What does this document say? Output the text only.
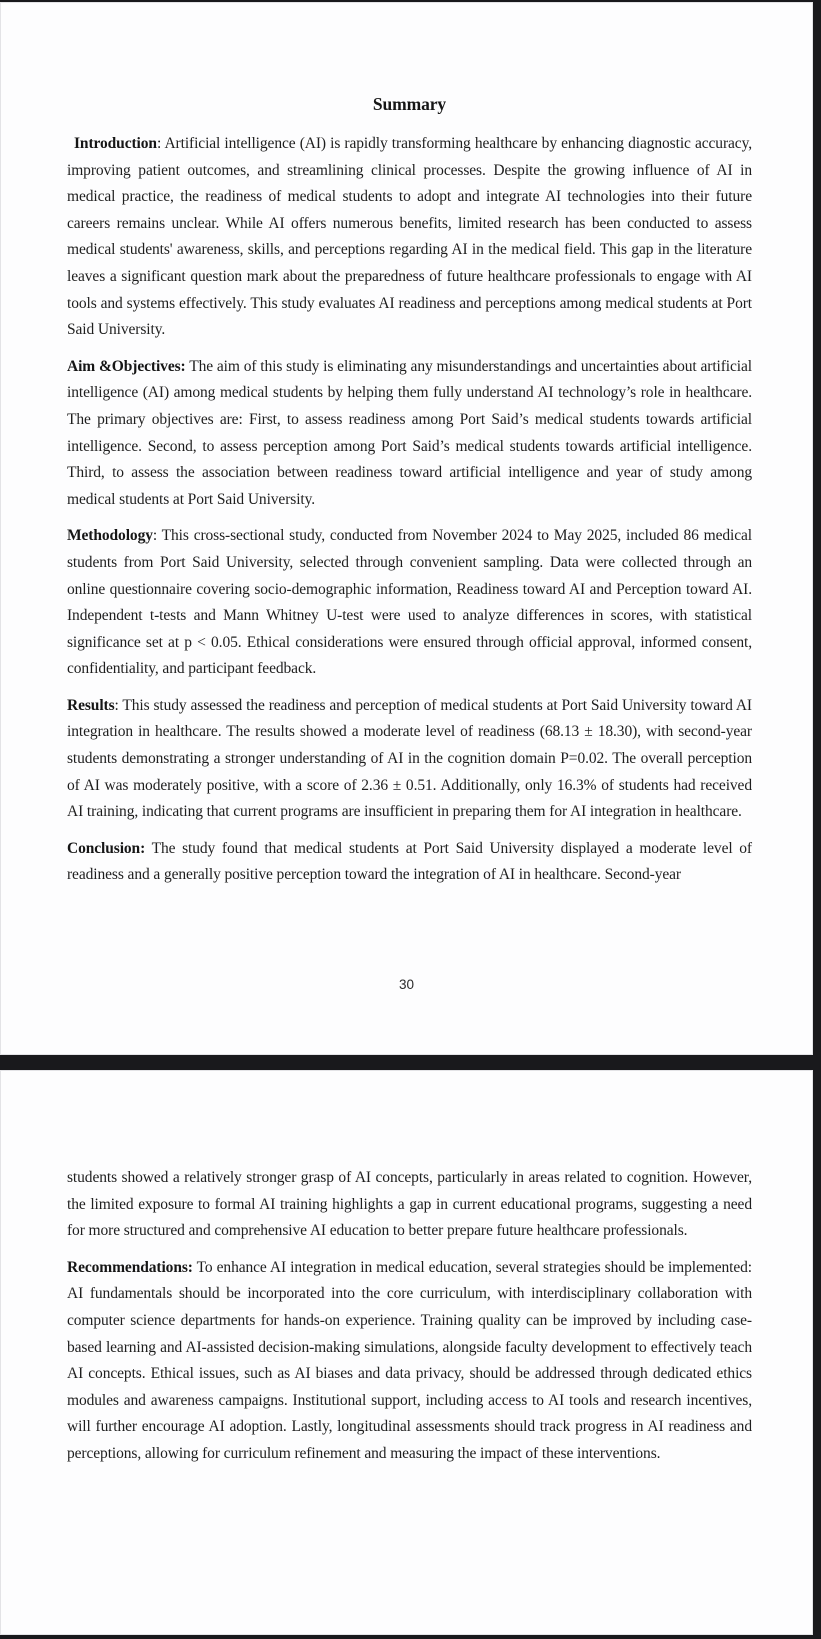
Summary

Introduction: Artificial intelligence (AI) is rapidly transforming healthcare by enhancing diagnostic accuracy, improving patient outcomes, and streamlining clinical processes. Despite the growing influence of AI in medical practice, the readiness of medical students to adopt and integrate AI technologies into their future careers remains unclear. While AI offers numerous benefits, limited research has been conducted to assess medical students' awareness, skills, and perceptions regarding AI in the medical field. This gap in the literature leaves a significant question mark about the preparedness of future healthcare professionals to engage with AI tools and systems effectively. This study evaluates AI readiness and perceptions among medical students at Port Said University.

Aim &Objectives: The aim of this study is eliminating any misunderstandings and uncertainties about artificial intelligence (AI) among medical students by helping them fully understand AI technology’s role in healthcare. The primary objectives are: First, to assess readiness among Port Said’s medical students towards artificial intelligence. Second, to assess perception among Port Said’s medical students towards artificial intelligence. Third, to assess the association between readiness toward artificial intelligence and year of study among medical students at Port Said University.

Methodology: This cross-sectional study, conducted from November 2024 to May 2025, included 86 medical students from Port Said University, selected through convenient sampling. Data were collected through an online questionnaire covering socio-demographic information, Readiness toward AI and Perception toward AI. Independent t-tests and Mann Whitney U-test were used to analyze differences in scores, with statistical significance set at p < 0.05. Ethical considerations were ensured through official approval, informed consent, confidentiality, and participant feedback.

Results: This study assessed the readiness and perception of medical students at Port Said University toward AI integration in healthcare. The results showed a moderate level of readiness (68.13 ± 18.30), with second-year students demonstrating a stronger understanding of AI in the cognition domain P=0.02. The overall perception of AI was moderately positive, with a score of 2.36 ± 0.51. Additionally, only 16.3% of students had received AI training, indicating that current programs are insufficient in preparing them for AI integration in healthcare.

Conclusion: The study found that medical students at Port Said University displayed a moderate level of readiness and a generally positive perception toward the integration of AI in healthcare. Second-year

30

students showed a relatively stronger grasp of AI concepts, particularly in areas related to cognition. However, the limited exposure to formal AI training highlights a gap in current educational programs, suggesting a need for more structured and comprehensive AI education to better prepare future healthcare professionals.

Recommendations: To enhance AI integration in medical education, several strategies should be implemented: AI fundamentals should be incorporated into the core curriculum, with interdisciplinary collaboration with computer science departments for hands-on experience. Training quality can be improved by including case-based learning and AI-assisted decision-making simulations, alongside faculty development to effectively teach AI concepts. Ethical issues, such as AI biases and data privacy, should be addressed through dedicated ethics modules and awareness campaigns. Institutional support, including access to AI tools and research incentives, will further encourage AI adoption. Lastly, longitudinal assessments should track progress in AI readiness and perceptions, allowing for curriculum refinement and measuring the impact of these interventions.
